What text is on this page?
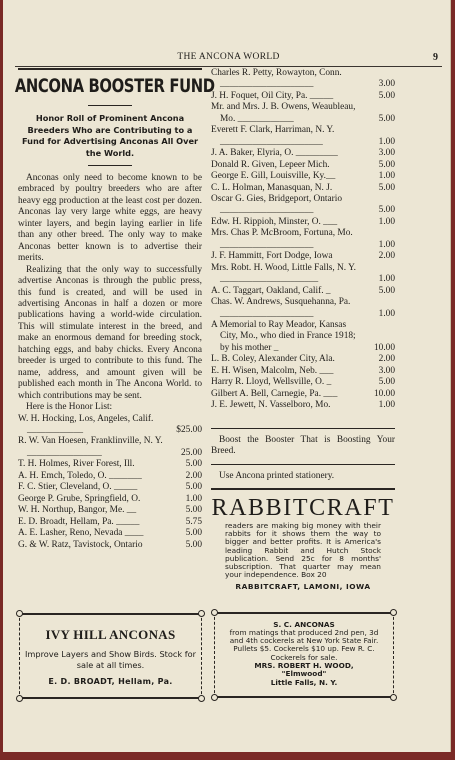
THE ANCONA WORLD	9
ANCONA BOOSTER FUND
Honor Roll of Prominent Ancona Breeders Who are Contributing to a Fund for Advertising Anconas All Over the World.

Anconas only need to become known to be embraced by poultry breeders who are after heavy egg production at the least cost per dozen. Anconas lay very large white eggs, are heavy winter layers, and begin laying earlier in life than any other breed. The only way to make Anconas better known is to advertise their merits.

Realizing that the only way to successfully advertise Anconas is through the public press, this fund is created, and will be used in advertising Anconas in half a dozen or more publications having a world-wide circulation. This will stimulate interest in the breed, and make an enormous demand for breeding stock, hatching eggs, and baby chicks. Every Ancona breeder is urged to contribute to this fund. The name, address, and amount given will be published each month in The Ancona World. to which contributions may be sent.

Here is the Honor List:

W. H. Hocking, Los, Angeles, Calif. ____________	$25.00
R. W. Van Hoesen, Franklinville, N. Y. ________________	25.00
T. H. Holmes, River Forest, Ill.	5.00
A. H. Emch, Toledo, O. _______	2.00
F. C. Stier, Cleveland, O. _____	5.00
George P. Grube, Springfield, O.	1.00
W. H. Northup, Bangor, Me. __	5.00
E. D. Broadt, Hellam, Pa. _____	5.75
A. E. Lasher, Reno, Nevada ____	5.00
G. & W. Ratz, Tavistock, Ontario	5.00
Charles R. Petty, Rowayton, Conn. ____________________	3.00
J. H. Foquet, Oil City, Pa. _____	5.00
Mr. and Mrs. J. B. Owens, Weaubleau, Mo. ____________	5.00
Everett F. Clark, Harriman, N. Y. ______________________	1.00
J. A. Baker, Elyria, O. _________	3.00
Donald R. Given, Lepeer Mich.	5.00
George E. Gill, Louisville, Ky.__	1.00
C. L. Holman, Manasquan, N. J.	5.00
Oscar G. Gies, Bridgeport, Ontario ____________________	5.00
Edw. H. Rippioh, Minster, O. ___	1.00
Mrs. Chas P. McBroom, Fortuna, Mo. ____________________	1.00
J. F. Hammitt, Fort Dodge, Iowa	2.00
Mrs. Robt. H. Wood, Little Falls, N. Y. _____________________	1.00
A. C. Taggart, Oakland, Calif. _	5.00
Chas. W. Andrews, Susquehanna, Pa. ____________________	1.00
A Memorial to Ray Meador, Kansas City, Mo., who died in France 1918; by his mother _	10.00
L. B. Coley, Alexander City, Ala.	2.00
E. H. Wisen, Malcolm, Neb. ___	3.00
Harry R. Lloyd, Wellsville, O. _	5.00
Gilbert A. Bell, Carnegie, Pa. ___	10.00
J. E. Jewett, N. Vasselboro, Mo.	1.00

Boost the Booster That is Boosting Your Breed.

Use Ancona printed stationery.

RABBITCRAFT
readers are making big money with their rabbits for it shows them the way to bigger and better profits. It is America's leading Rabbit and Hutch Stock publication. Send 25c for 8 months' subscription. That quarter may mean your independence. Box 20
RABBITCRAFT, LAMONI, IOWA
IVY HILL ANCONAS
Improve Layers and Show Birds. Stock for sale at all times.
E. D. BROADT, Hellam, Pa.
S. C. ANCONAS
from matings that produced 2nd pen, 3d and 4th cockerels at New York State Fair. Pullets $5. Cockerels $10 up. Few R. C. Cockerels for sale.
MRS. ROBERT H. WOOD,
"Elmwood"
Little Falls, N. Y.
